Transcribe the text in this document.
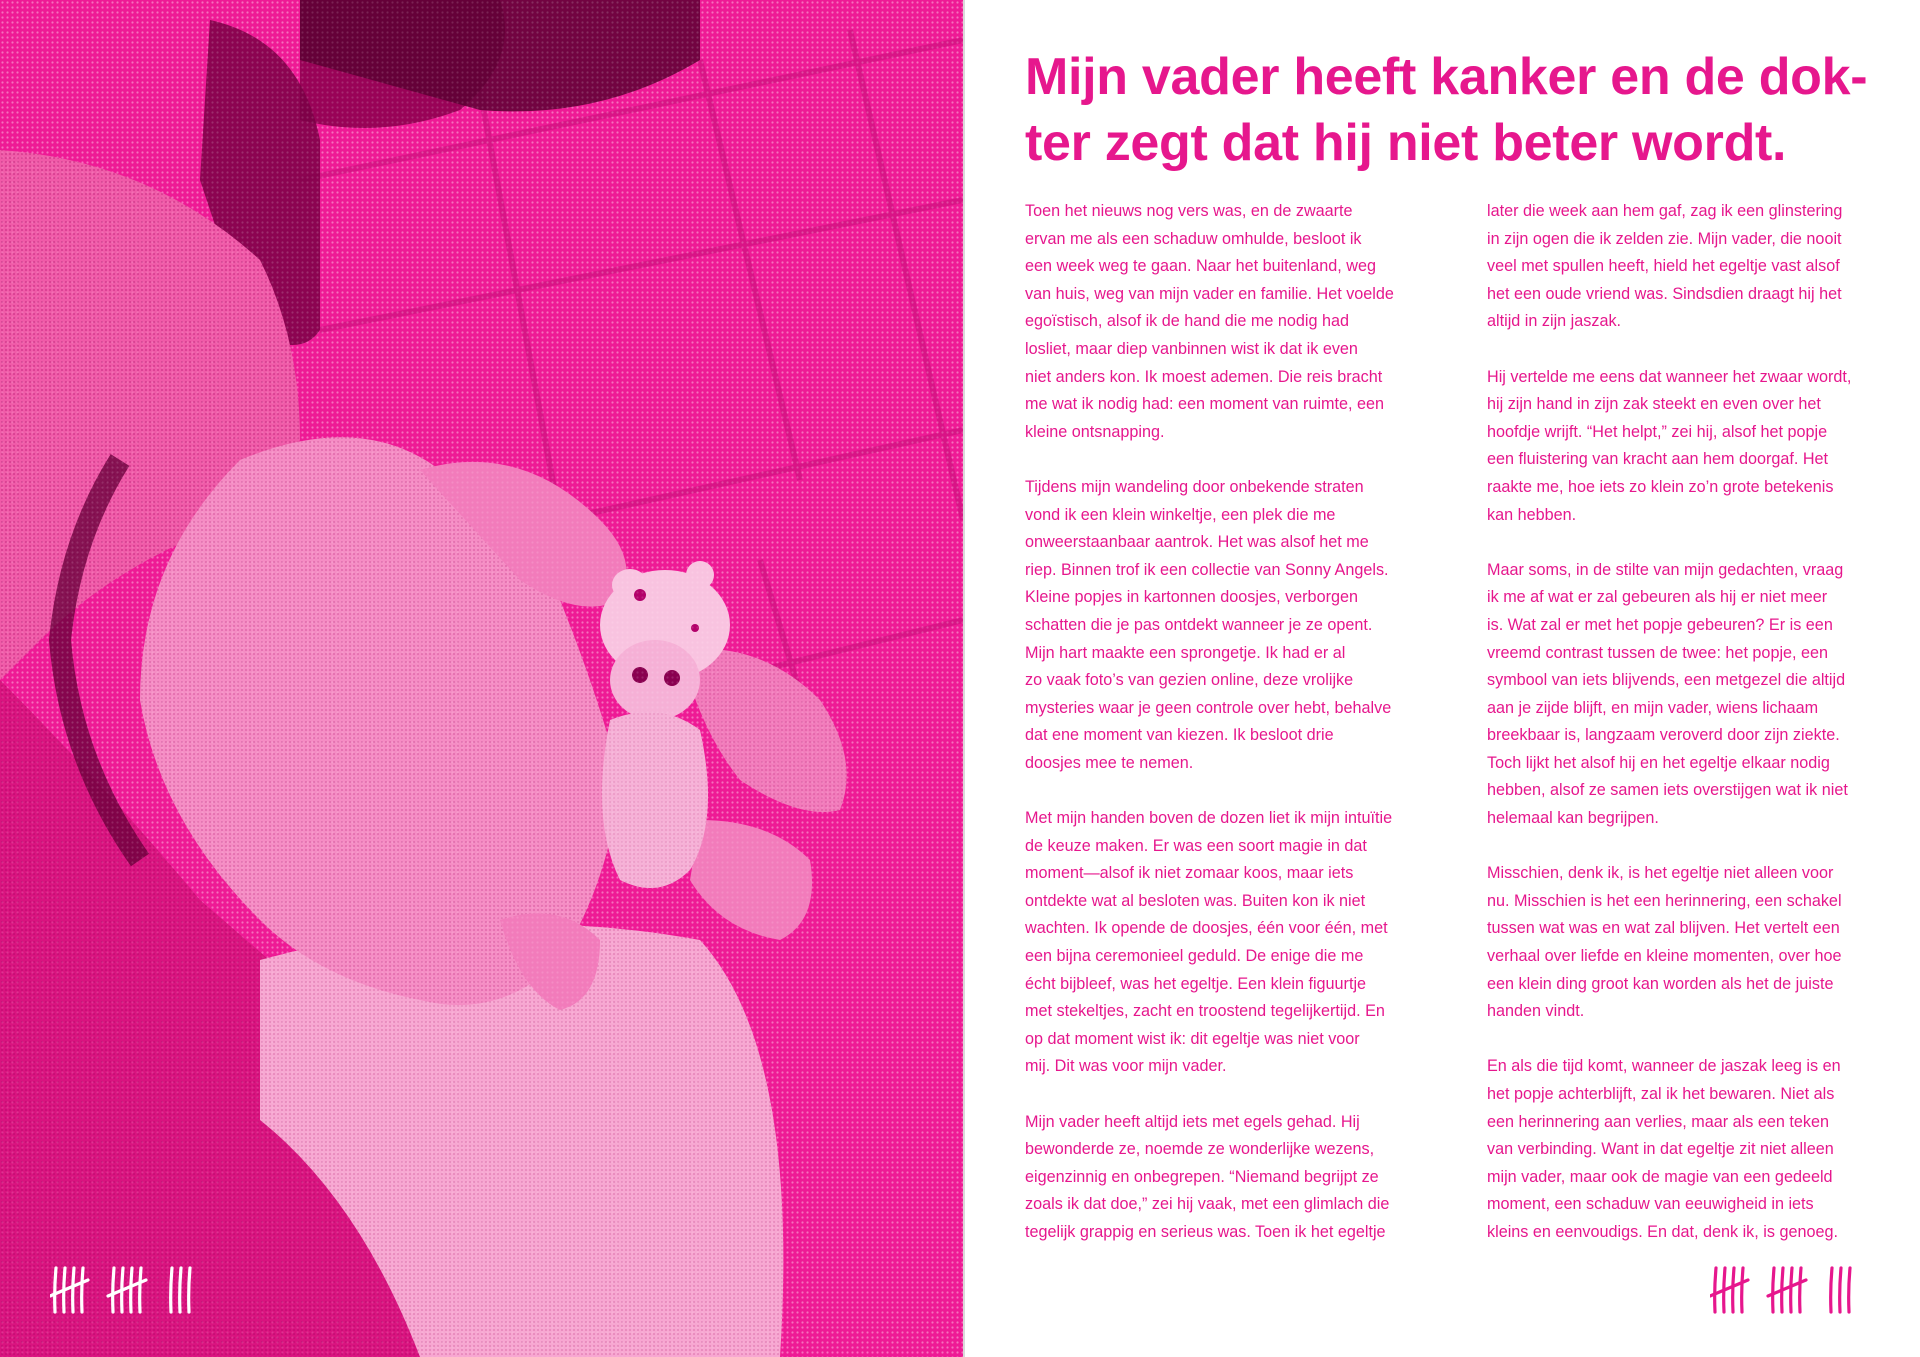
Mijn vader heeft kanker en de dok-
ter zegt dat hij niet beter wordt.

Toen het nieuws nog vers was, en de zwaarte
ervan me als een schaduw omhulde, besloot ik
een week weg te gaan. Naar het buitenland, weg
van huis, weg van mijn vader en familie. Het voelde
egoïstisch, alsof ik de hand die me nodig had
losliet, maar diep vanbinnen wist ik dat ik even
niet anders kon. Ik moest ademen. Die reis bracht
me wat ik nodig had: een moment van ruimte, een
kleine ontsnapping.

Tijdens mijn wandeling door onbekende straten
vond ik een klein winkeltje, een plek die me
onweerstaanbaar aantrok. Het was alsof het me
riep. Binnen trof ik een collectie van Sonny Angels.
Kleine popjes in kartonnen doosjes, verborgen
schatten die je pas ontdekt wanneer je ze opent.
Mijn hart maakte een sprongetje. Ik had er al
zo vaak foto’s van gezien online, deze vrolijke
mysteries waar je geen controle over hebt, behalve
dat ene moment van kiezen. Ik besloot drie
doosjes mee te nemen.

Met mijn handen boven de dozen liet ik mijn intuïtie
de keuze maken. Er was een soort magie in dat
moment—alsof ik niet zomaar koos, maar iets
ontdekte wat al besloten was. Buiten kon ik niet
wachten. Ik opende de doosjes, één voor één, met
een bijna ceremonieel geduld. De enige die me
écht bijbleef, was het egeltje. Een klein figuurtje
met stekeltjes, zacht en troostend tegelijkertijd. En
op dat moment wist ik: dit egeltje was niet voor
mij. Dit was voor mijn vader.

Mijn vader heeft altijd iets met egels gehad. Hij
bewonderde ze, noemde ze wonderlijke wezens,
eigenzinnig en onbegrepen. “Niemand begrijpt ze
zoals ik dat doe,” zei hij vaak, met een glimlach die
tegelijk grappig en serieus was. Toen ik het egeltje

later die week aan hem gaf, zag ik een glinstering
in zijn ogen die ik zelden zie. Mijn vader, die nooit
veel met spullen heeft, hield het egeltje vast alsof
het een oude vriend was. Sindsdien draagt hij het
altijd in zijn jaszak.

Hij vertelde me eens dat wanneer het zwaar wordt,
hij zijn hand in zijn zak steekt en even over het
hoofdje wrijft. “Het helpt,” zei hij, alsof het popje
een fluistering van kracht aan hem doorgaf. Het
raakte me, hoe iets zo klein zo’n grote betekenis
kan hebben.

Maar soms, in de stilte van mijn gedachten, vraag
ik me af wat er zal gebeuren als hij er niet meer
is. Wat zal er met het popje gebeuren? Er is een
vreemd contrast tussen de twee: het popje, een
symbool van iets blijvends, een metgezel die altijd
aan je zijde blijft, en mijn vader, wiens lichaam
breekbaar is, langzaam veroverd door zijn ziekte.
Toch lijkt het alsof hij en het egeltje elkaar nodig
hebben, alsof ze samen iets overstijgen wat ik niet
helemaal kan begrijpen.

Misschien, denk ik, is het egeltje niet alleen voor
nu. Misschien is het een herinnering, een schakel
tussen wat was en wat zal blijven. Het vertelt een
verhaal over liefde en kleine momenten, over hoe
een klein ding groot kan worden als het de juiste
handen vindt.

En als die tijd komt, wanneer de jaszak leeg is en
het popje achterblijft, zal ik het bewaren. Niet als
een herinnering aan verlies, maar als een teken
van verbinding. Want in dat egeltje zit niet alleen
mijn vader, maar ook de magie van een gedeeld
moment, een schaduw van eeuwigheid in iets
kleins en eenvoudigs. En dat, denk ik, is genoeg.
